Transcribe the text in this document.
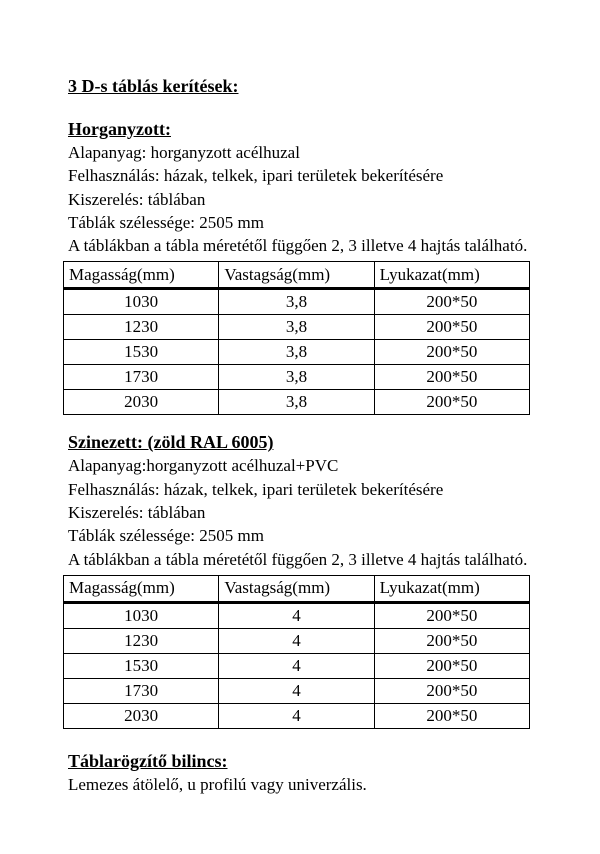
3 D-s táblás kerítések:
Horganyzott:

Alapanyag: horganyzott acélhuzal

Felhasználás: házak, telkek, ipari területek bekerítésére

Kiszerelés: táblában

Táblák szélessége: 2505 mm

A táblákban a tábla méretétől függően 2, 3 illetve 4 hajtás található.

Magasság(mm)	Vastagság(mm)	Lyukazat(mm)
1030	3,8	200*50
1230	3,8	200*50
1530	3,8	200*50
1730	3,8	200*50
2030	3,8	200*50
Szinezett: (zöld RAL 6005)

Alapanyag:horganyzott acélhuzal+PVC

Felhasználás: házak, telkek, ipari területek bekerítésére

Kiszerelés: táblában

Táblák szélessége: 2505 mm

A táblákban a tábla méretétől függően 2, 3 illetve 4 hajtás található.

Magasság(mm)	Vastagság(mm)	Lyukazat(mm)
1030	4	200*50
1230	4	200*50
1530	4	200*50
1730	4	200*50
2030	4	200*50
Táblarögzítő bilincs:

Lemezes átölelő, u profilú vagy univerzális.
